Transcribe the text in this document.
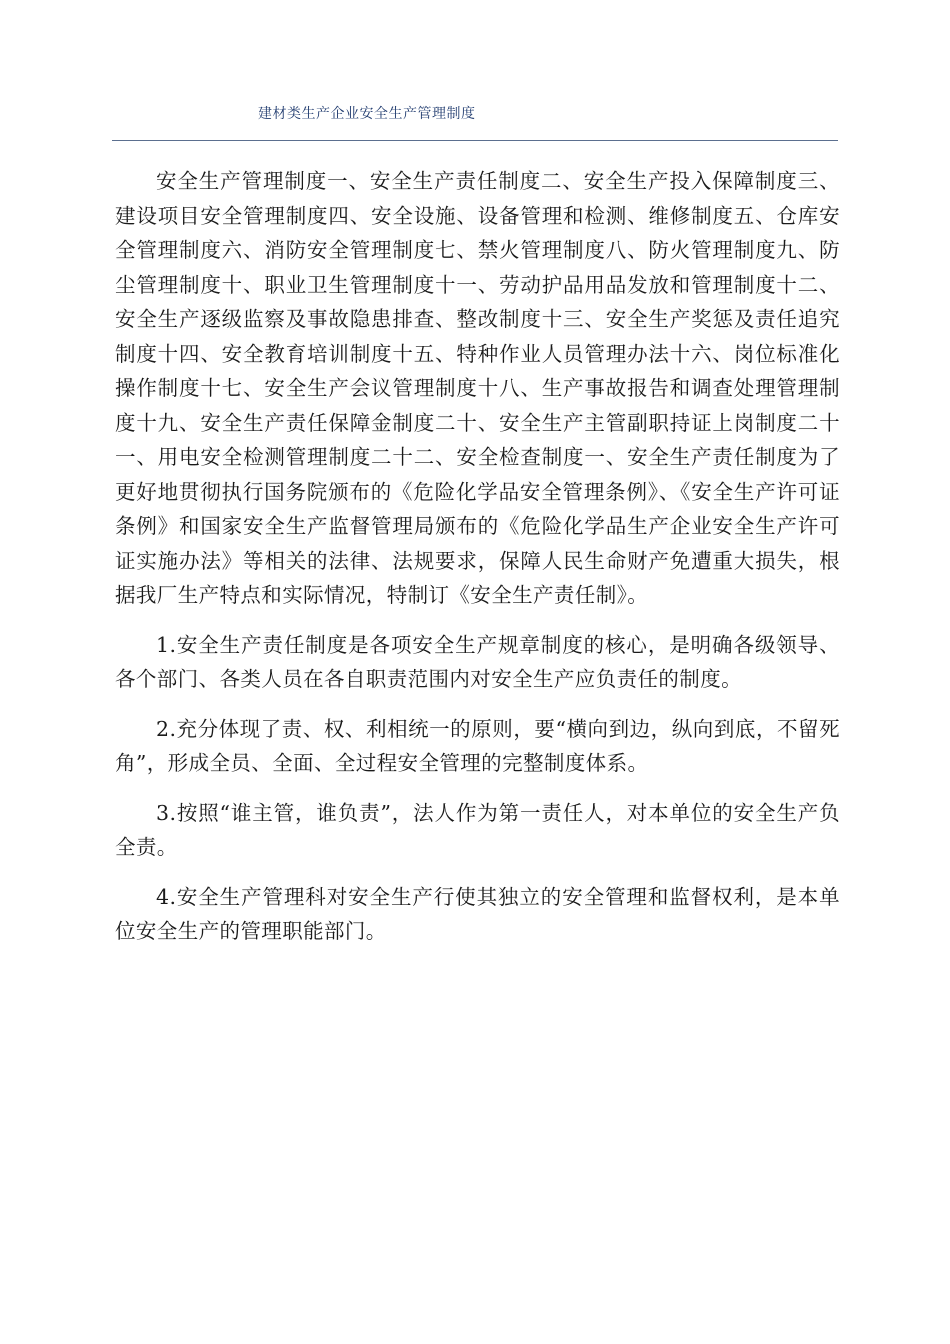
建材类生产企业安全生产管理制度

安全生产管理制度一、安全生产责任制度二、安全生产投入保障制度三、建设项目安全管理制度四、安全设施、设备管理和检测、维修制度五、仓库安全管理制度六、消防安全管理制度七、禁火管理制度八、防火管理制度九、防尘管理制度十、职业卫生管理制度十一、劳动护品用品发放和管理制度十二、安全生产逐级监察及事故隐患排查、整改制度十三、安全生产奖惩及责任追究制度十四、安全教育培训制度十五、特种作业人员管理办法十六、岗位标准化操作制度十七、安全生产会议管理制度十八、生产事故报告和调查处理管理制度十九、安全生产责任保障金制度二十、安全生产主管副职持证上岗制度二十一、用电安全检测管理制度二十二、安全检查制度一、安全生产责任制度为了更好地贯彻执行国务院颁布的《危险化学品安全管理条例》、《安全生产许可证条例》和国家安全生产监督管理局颁布的《危险化学品生产企业安全生产许可证实施办法》等相关的法律、法规要求，保障人民生命财产免遭重大损失，根据我厂生产特点和实际情况，特制订《安全生产责任制》。

1.安全生产责任制度是各项安全生产规章制度的核心，是明确各级领导、各个部门、各类人员在各自职责范围内对安全生产应负责任的制度。

2.充分体现了责、权、利相统一的原则，要“横向到边，纵向到底，不留死角”，形成全员、全面、全过程安全管理的完整制度体系。

3.按照“谁主管，谁负责”，法人作为第一责任人，对本单位的安全生产负全责。

4.安全生产管理科对安全生产行使其独立的安全管理和监督权利，是本单位安全生产的管理职能部门。
